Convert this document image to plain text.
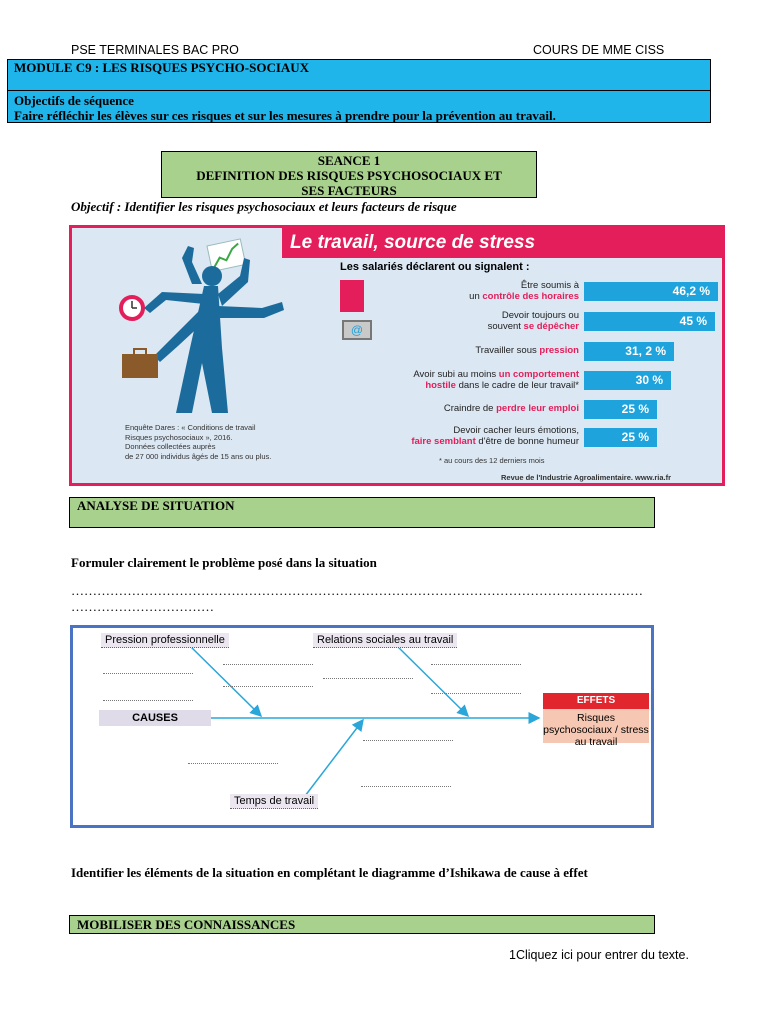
PSE TERMINALES BAC PRO	COURS DE MME CISS
MODULE C9 : LES RISQUES PSYCHO-SOCIAUX
Objectifs de séquence
Faire réfléchir les élèves sur ces risques et sur les mesures à prendre pour la prévention au travail.
SEANCE 1
DEFINITION DES RISQUES PSYCHOSOCIAUX ET
SES FACTEURS
Objectif : Identifier les risques psychosociaux et leurs facteurs de risque
@
Le travail, source de stress
Les salariés déclarent ou signalent :
Être soumis à
un contrôle des horaires	46,2 %
Devoir toujours ou
souvent se dépêcher	45 %
Travailler sous pression	31, 2 %
Avoir subi au moins un comportement
hostile dans le cadre de leur travail*	30 %
Craindre de perdre leur emploi	25 %
Devoir cacher leurs émotions,
faire semblant d'être de bonne humeur	25 %
Enquête Dares : « Conditions de travail
Risques psychosociaux », 2016.
Données collectées auprès
de 27 000 individus âgés de 15 ans ou plus.	* au cours des 12 derniers mois
Revue de l'Industrie Agroalimentaire. www.ria.fr
ANALYSE DE SITUATION
Formuler clairement le problème posé dans la situation
……………………………………………………………………………………………………………………
……………………………
Pression professionnelle	Relations sociales au travail
Temps de travail
CAUSES
EFFETS
Risques psychosociaux / stress au travail
Identifier les éléments de la situation en complétant le diagramme d’Ishikawa de cause à effet
MOBILISER DES CONNAISSANCES
1Cliquez ici pour entrer du texte.
